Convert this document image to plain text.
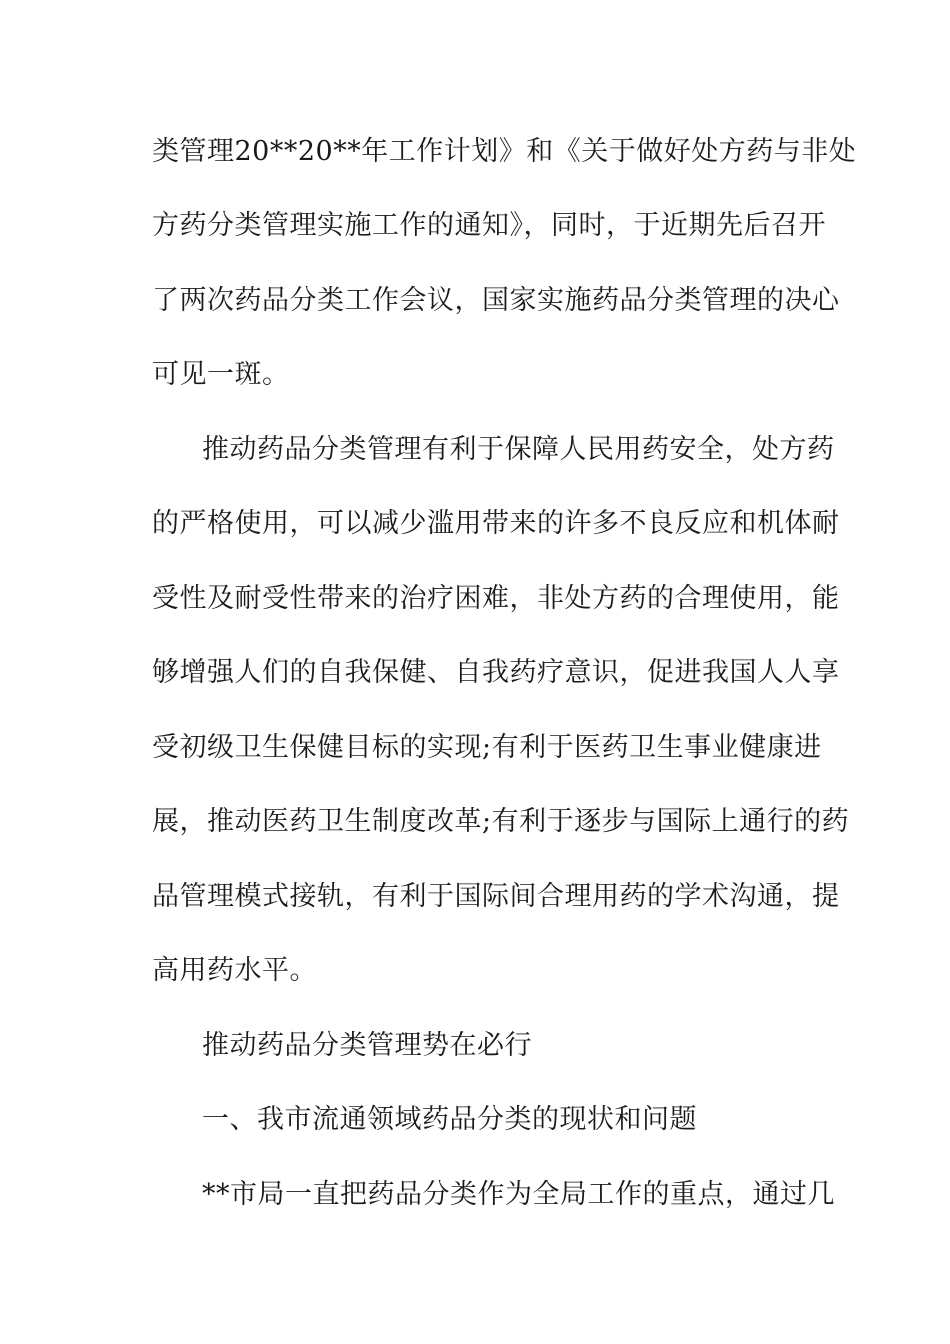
类管理20**20**年工作计划》和《关于做好处方药与非处
方药分类管理实施工作的通知》，同时，于近期先后召开
了两次药品分类工作会议，国家实施药品分类管理的决心
可见一斑。
推动药品分类管理有利于保障人民用药安全，处方药
的严格使用，可以减少滥用带来的许多不良反应和机体耐
受性及耐受性带来的治疗困难，非处方药的合理使用，能
够增强人们的自我保健、自我药疗意识，促进我国人人享
受初级卫生保健目标的实现;有利于医药卫生事业健康进
展，推动医药卫生制度改革;有利于逐步与国际上通行的药
品管理模式接轨，有利于国际间合理用药的学术沟通，提
高用药水平。
推动药品分类管理势在必行
一、我市流通领域药品分类的现状和问题
**市局一直把药品分类作为全局工作的重点，通过几
